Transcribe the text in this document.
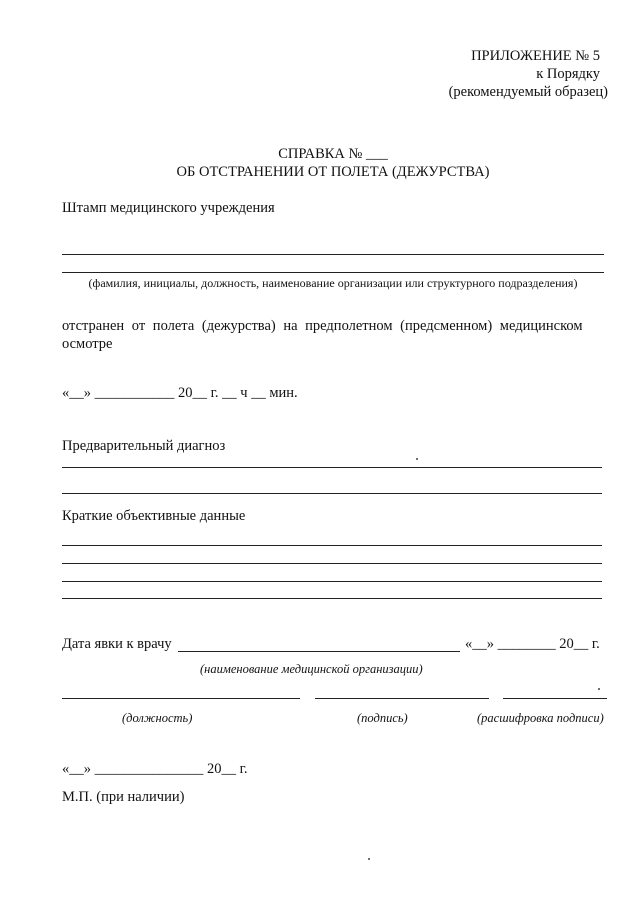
ПРИЛОЖЕНИЕ № 5
к Порядку
(рекомендуемый образец)
СПРАВКА № ___
ОБ ОТСТРАНЕНИИ ОТ ПОЛЕТА (ДЕЖУРСТВА)
Штамп медицинского учреждения
(фамилия, инициалы, должность, наименование организации или структурного подразделения)
отстранен от полета (дежурства) на предполетном (предсменном) медицинском
осмотре
«__» ___________ 20__ г. __ ч __ мин.
Предварительный диагноз
Краткие объективные данные
Дата явки к врачу	«__» ________ 20__ г.
(наименование медицинской организации)
(должность)	(подпись)	(расшифровка подписи)
«__» _______________ 20__ г.
М.П. (при наличии)
